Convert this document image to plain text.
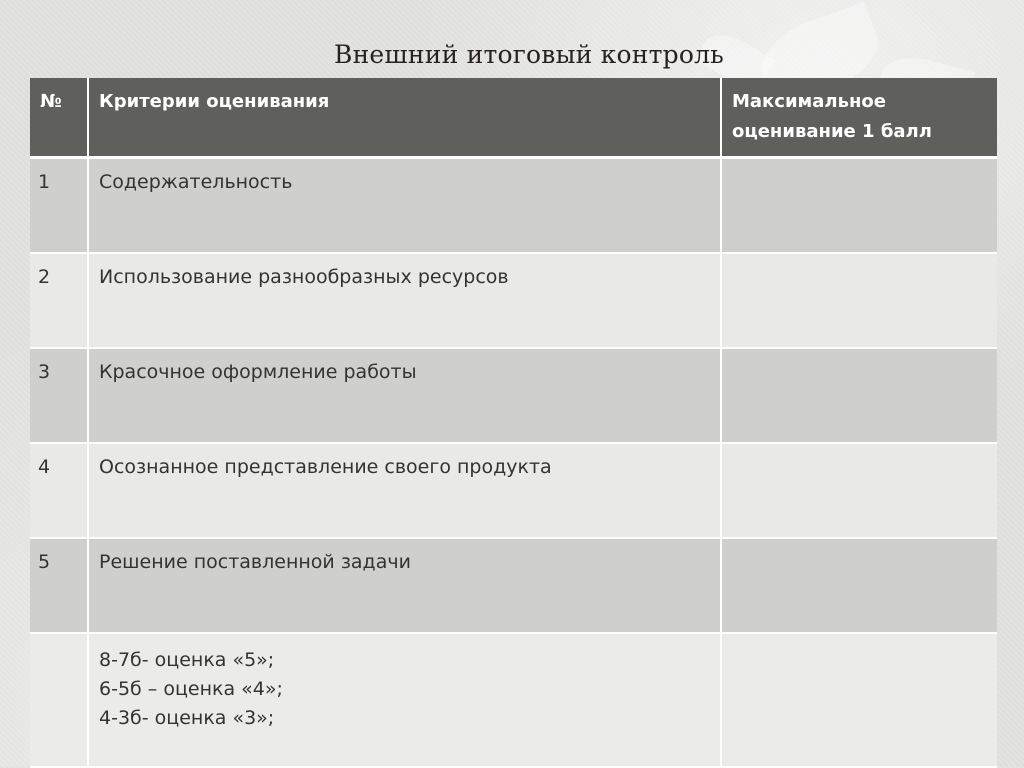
Внешний итоговый контроль
№	Критерии оценивания	Максимальное
оценивание 1 балл
1	Содержательность	
2	Использование разнообразных ресурсов	
3	Красочное оформление работы	
4	Осознанное представление своего продукта	
5	Решение поставленной задачи	

	8-7б- оценка «5»;
6-5б – оценка «4»;
4-3б- оценка «3»;	
